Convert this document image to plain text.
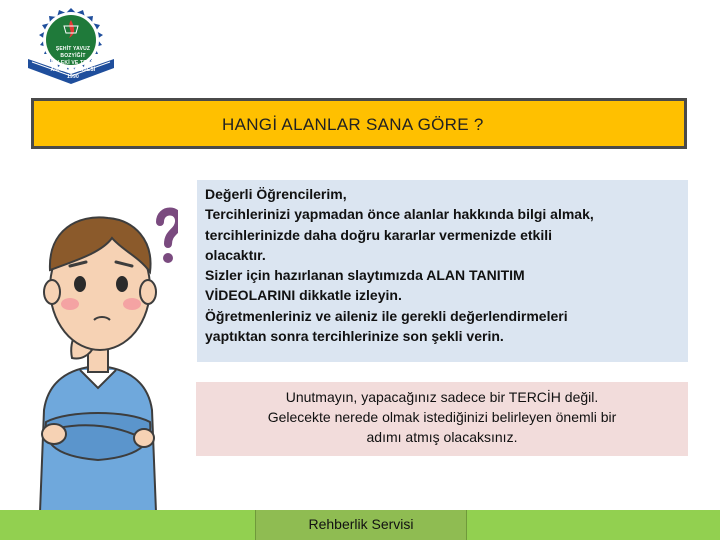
ŞEHİT YAVUZ BOZYİĞİT
MESLEKİ VE TEKNİK
ANADOLU LİSESİ
1990
HANGİ ALANLAR SANA GÖRE ?
Değerli Öğrencilerim,
Tercihlerinizi yapmadan önce alanlar hakkında bilgi almak,
tercihlerinizde daha doğru kararlar vermenizde etkili
olacaktır.
Sizler için hazırlanan slaytımızda ALAN TANITIM
VİDEOLARINI dikkatle izleyin.
Öğretmenleriniz ve aileniz ile gerekli değerlendirmeleri
yaptıktan sonra tercihlerinize son şekli verin.
Unutmayın, yapacağınız sadece bir TERCİH değil.
Gelecekte nerede olmak istediğinizi belirleyen önemli bir
adımı atmış olacaksınız.
Rehberlik Servisi
